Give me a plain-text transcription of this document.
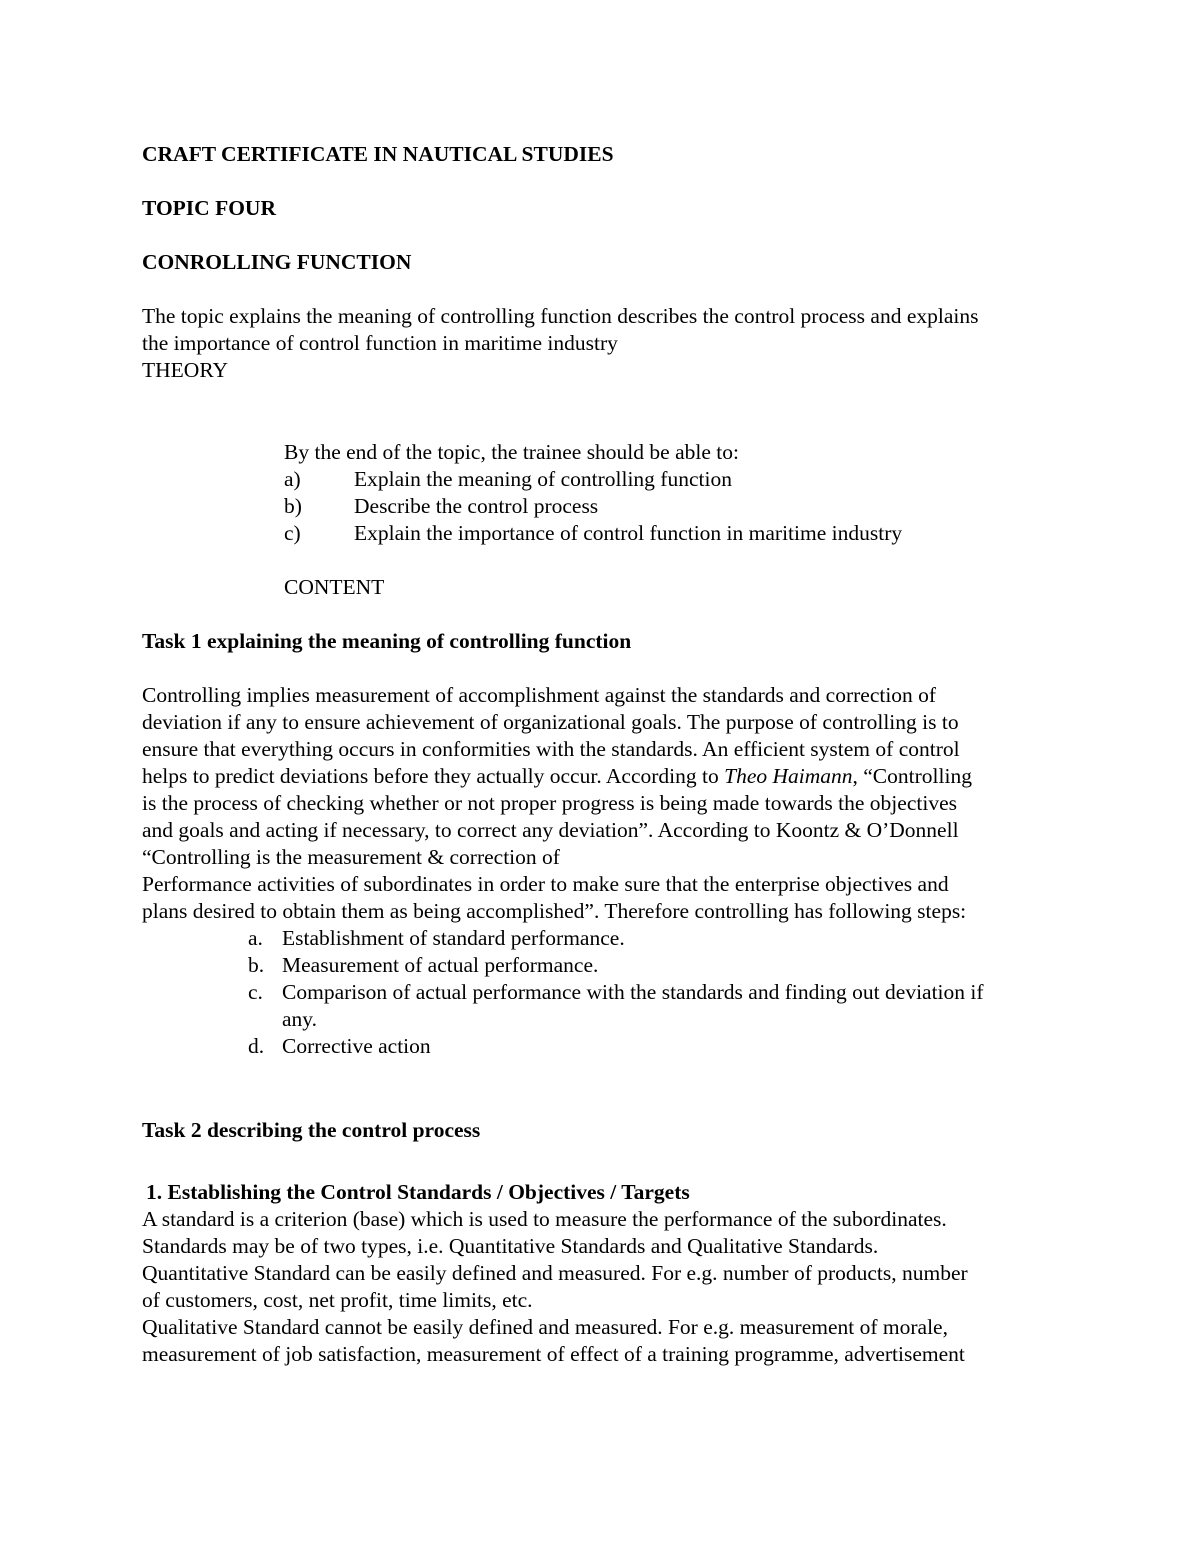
CRAFT CERTIFICATE IN NAUTICAL STUDIES

TOPIC FOUR

CONROLLING FUNCTION

The topic explains the meaning of controlling function describes the control process and explains

the importance of control function in maritime industry

THEORY

By the end of the topic, the trainee should be able to:

a) Explain the meaning of controlling function
b) Describe the control process
c) Explain the importance of control function in maritime industry

CONTENT

Task 1 explaining the meaning of controlling function

Controlling implies measurement of accomplishment against the standards and correction of

deviation if any to ensure achievement of organizational goals. The purpose of controlling is to

ensure that everything occurs in conformities with the standards. An efficient system of control

helps to predict deviations before they actually occur. According to Theo Haimann, “Controlling

is the process of checking whether or not proper progress is being made towards the objectives

and goals and acting if necessary, to correct any deviation”. According to Koontz & O’Donnell

“Controlling is the measurement & correction of

Performance activities of subordinates in order to make sure that the enterprise objectives and

plans desired to obtain them as being accomplished”. Therefore controlling has following steps:

a. Establishment of standard performance.
b. Measurement of actual performance.
c. Comparison of actual performance with the standards and finding out deviation if
any.
d. Corrective action

Task 2 describing the control process

1. Establishing the Control Standards / Objectives / Targets

A standard is a criterion (base) which is used to measure the performance of the subordinates.

Standards may be of two types, i.e. Quantitative Standards and Qualitative Standards.

Quantitative Standard can be easily defined and measured. For e.g. number of products, number

of customers, cost, net profit, time limits, etc.

Qualitative Standard cannot be easily defined and measured. For e.g. measurement of morale,

measurement of job satisfaction, measurement of effect of a training programme, advertisement
